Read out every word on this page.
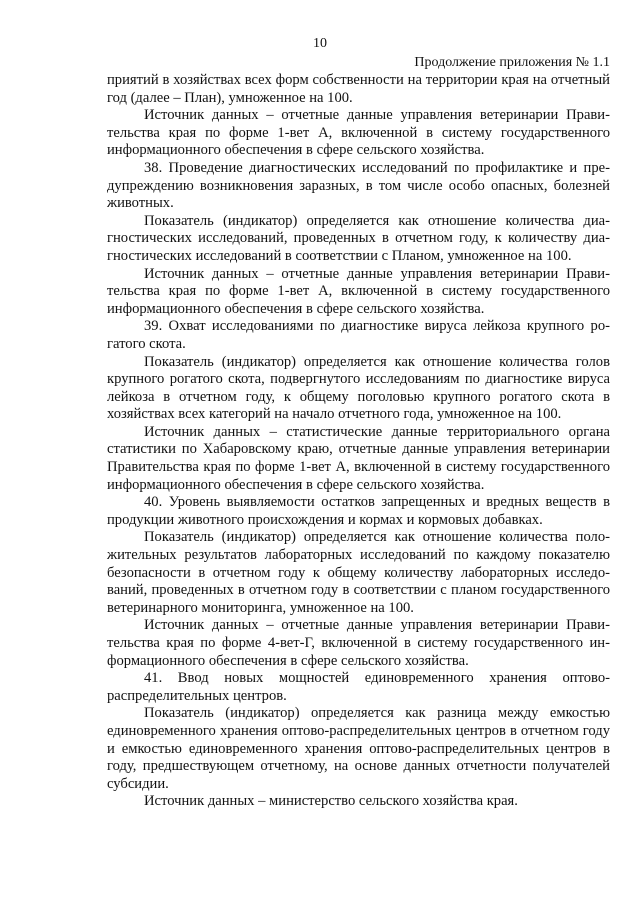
10
Продолжение приложения № 1.1

приятий в хозяйствах всех форм собственности на территории края на отчетный год (далее – План), умноженное на 100.

Источник данных – отчетные данные управления ветеринарии Правительства края по форме 1-вет А, включенной в систему государственного информационного обеспечения в сфере сельского хозяйства.

38. Проведение диагностических исследований по профилактике и предупреждению возникновения заразных, в том числе особо опасных, болезней животных.

Показатель (индикатор) определяется как отношение количества диагностических исследований, проведенных в отчетном году, к количеству диагностических исследований в соответствии с Планом, умноженное на 100.

Источник данных – отчетные данные управления ветеринарии Правительства края по форме 1-вет А, включенной в систему государственного информационного обеспечения в сфере сельского хозяйства.

39. Охват исследованиями по диагностике вируса лейкоза крупного рогатого скота.

Показатель (индикатор) определяется как отношение количества голов крупного рогатого скота, подвергнутого исследованиям по диагностике вируса лейкоза в отчетном году, к общему поголовью крупного рогатого скота в хозяйствах всех категорий на начало отчетного года, умноженное на 100.

Источник данных – статистические данные территориального органа статистики по Хабаровскому краю, отчетные данные управления ветеринарии Правительства края по форме 1-вет А, включенной в систему государственного информационного обеспечения в сфере сельского хозяйства.

40. Уровень выявляемости остатков запрещенных и вредных веществ в продукции животного происхождения и кормах и кормовых добавках.

Показатель (индикатор) определяется как отношение количества положительных результатов лабораторных исследований по каждому показателю безопасности в отчетном году к общему количеству лабораторных исследований, проведенных в отчетном году в соответствии с планом государственного ветеринарного мониторинга, умноженное на 100.

Источник данных – отчетные данные управления ветеринарии Правительства края по форме 4-вет-Г, включенной в систему государственного информационного обеспечения в сфере сельского хозяйства.

41. Ввод новых мощностей единовременного хранения оптово-распределительных центров.

Показатель (индикатор) определяется как разница между емкостью единовременного хранения оптово-распределительных центров в отчетном году и емкостью единовременного хранения оптово-распределительных центров в году, предшествующем отчетному, на основе данных отчетности получателей субсидии.

Источник данных – министерство сельского хозяйства края.
